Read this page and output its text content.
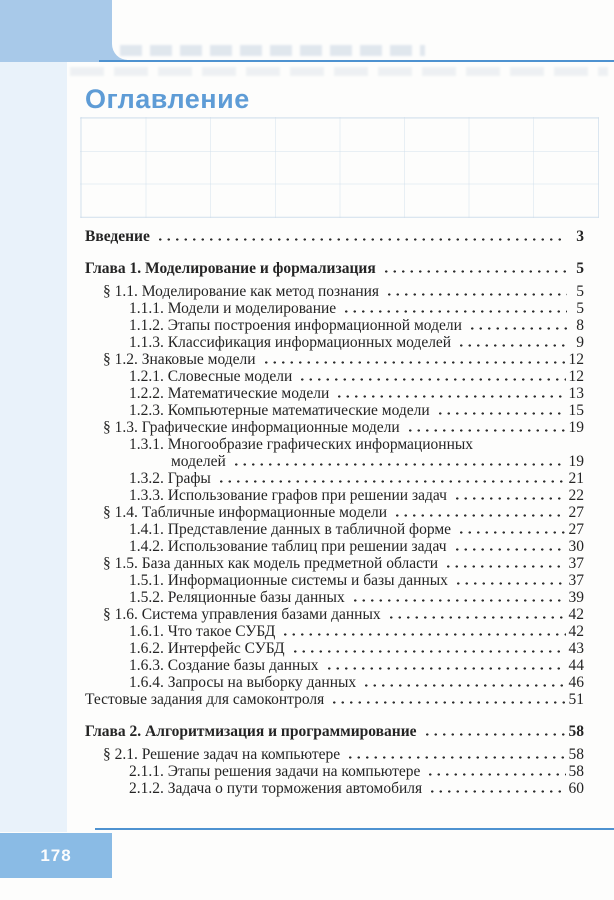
Оглавление
Введение	3
Глава 1. Моделирование и формализация	5
§ 1.1. Моделирование как метод познания	5
1.1.1. Модели и моделирование	5
1.1.2. Этапы построения информационной модели	8
1.1.3. Классификация информационных моделей	9
§ 1.2. Знаковые модели	12
1.2.1. Словесные модели	12
1.2.2. Математические модели	13
1.2.3. Компьютерные математические модели	15
§ 1.3. Графические информационные модели	19
1.3.1. Многообразие графических информационных
моделей	19
1.3.2. Графы	21
1.3.3. Использование графов при решении задач	22
§ 1.4. Табличные информационные модели	27
1.4.1. Представление данных в табличной форме	27
1.4.2. Использование таблиц при решении задач	30
§ 1.5. База данных как модель предметной области	37
1.5.1. Информационные системы и базы данных	37
1.5.2. Реляционные базы данных	39
§ 1.6. Система управления базами данных	42
1.6.1. Что такое СУБД	42
1.6.2. Интерфейс СУБД	43
1.6.3. Создание базы данных	44
1.6.4. Запросы на выборку данных	46
Тестовые задания для самоконтроля	51
Глава 2. Алгоритмизация и программирование	58
§ 2.1. Решение задач на компьютере	58
2.1.1. Этапы решения задачи на компьютере	58
2.1.2. Задача о пути торможения автомобиля	60
178
